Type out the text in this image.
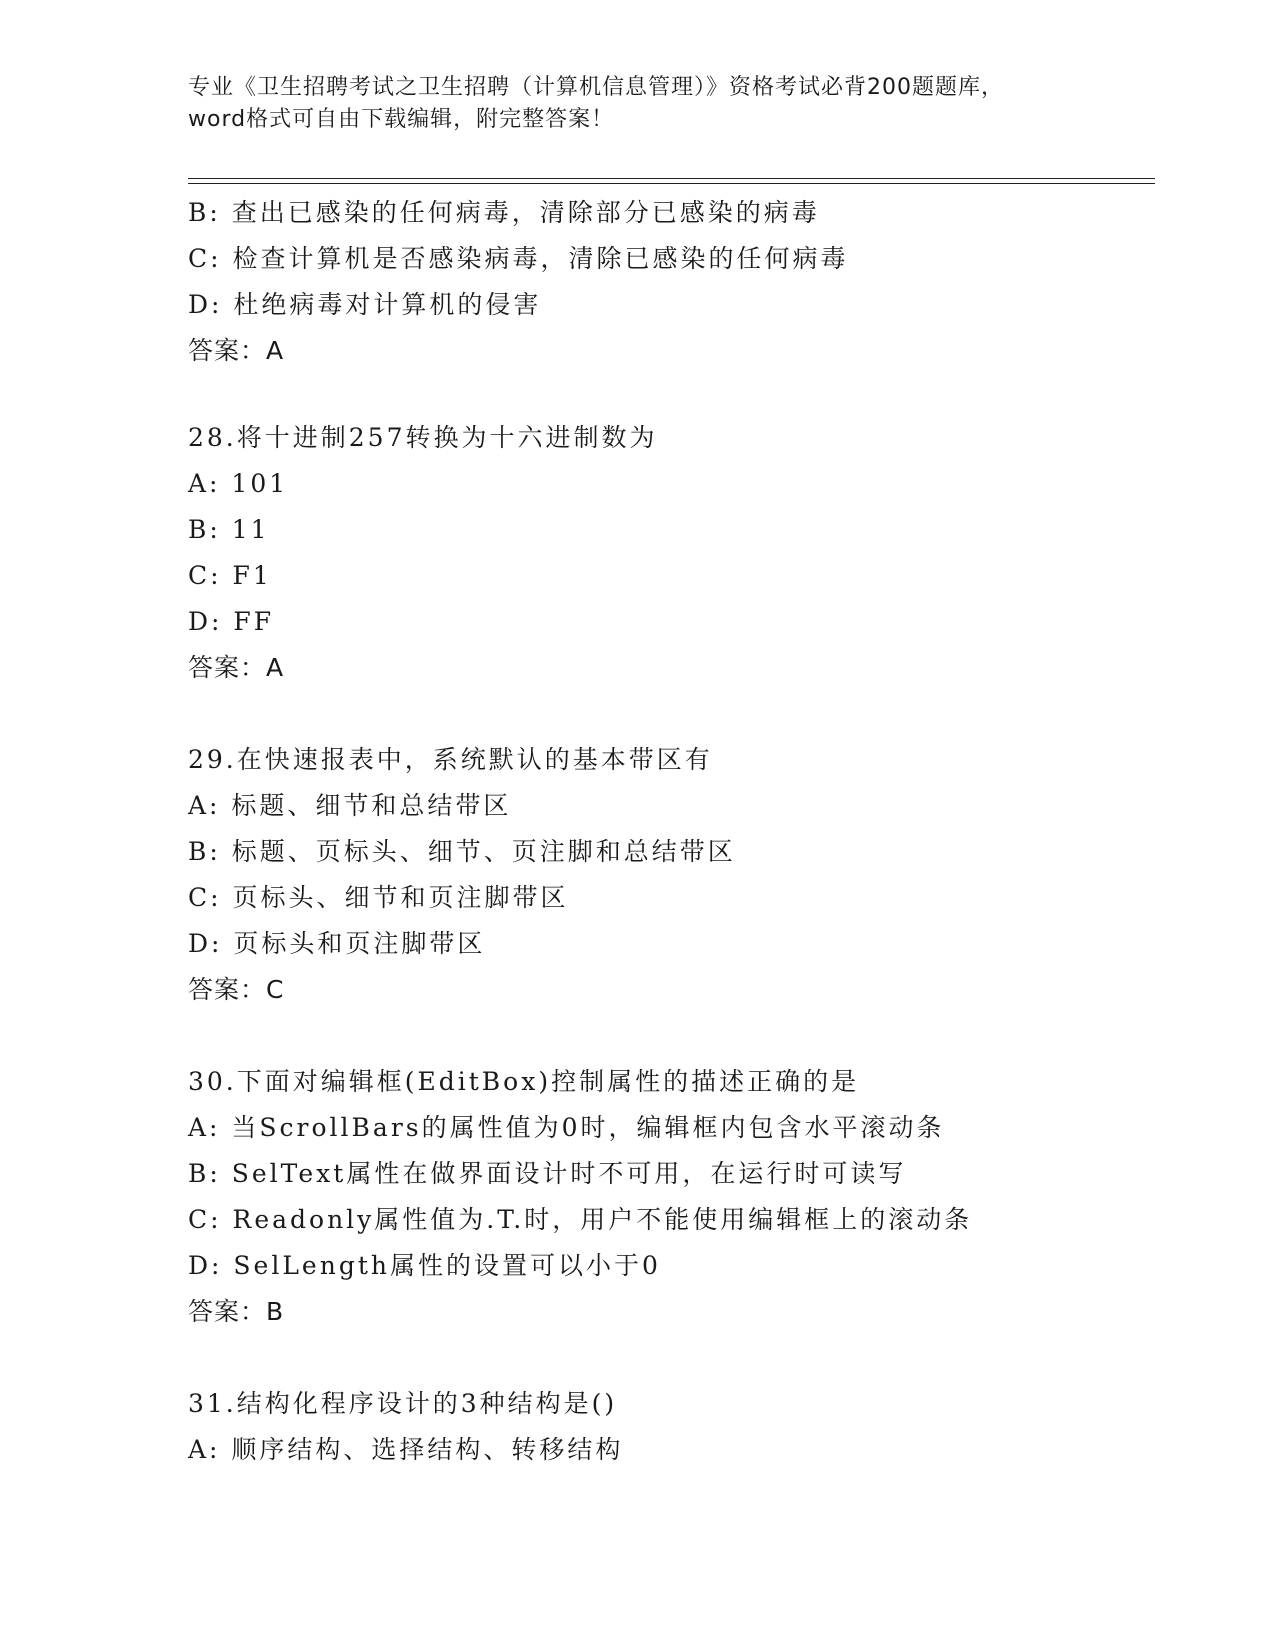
专业《卫生招聘考试之卫生招聘（计算机信息管理）》资格考试必背200题题库，
word格式可自由下载编辑，附完整答案！
B: 查出已感染的任何病毒，清除部分已感染的病毒
C: 检查计算机是否感染病毒，清除已感染的任何病毒
D: 杜绝病毒对计算机的侵害
答案：A
28.将十进制257转换为十六进制数为
A: 101
B: 11
C: F1
D: FF
答案：A
29.在快速报表中，系统默认的基本带区有
A: 标题、细节和总结带区
B: 标题、页标头、细节、页注脚和总结带区
C: 页标头、细节和页注脚带区
D: 页标头和页注脚带区
答案：C
30.下面对编辑框(EditBox)控制属性的描述正确的是
A: 当ScrollBars的属性值为0时，编辑框内包含水平滚动条
B: SelText属性在做界面设计时不可用，在运行时可读写
C: Readonly属性值为.T.时，用户不能使用编辑框上的滚动条
D: SelLength属性的设置可以小于0
答案：B
31.结构化程序设计的3种结构是()
A: 顺序结构、选择结构、转移结构
